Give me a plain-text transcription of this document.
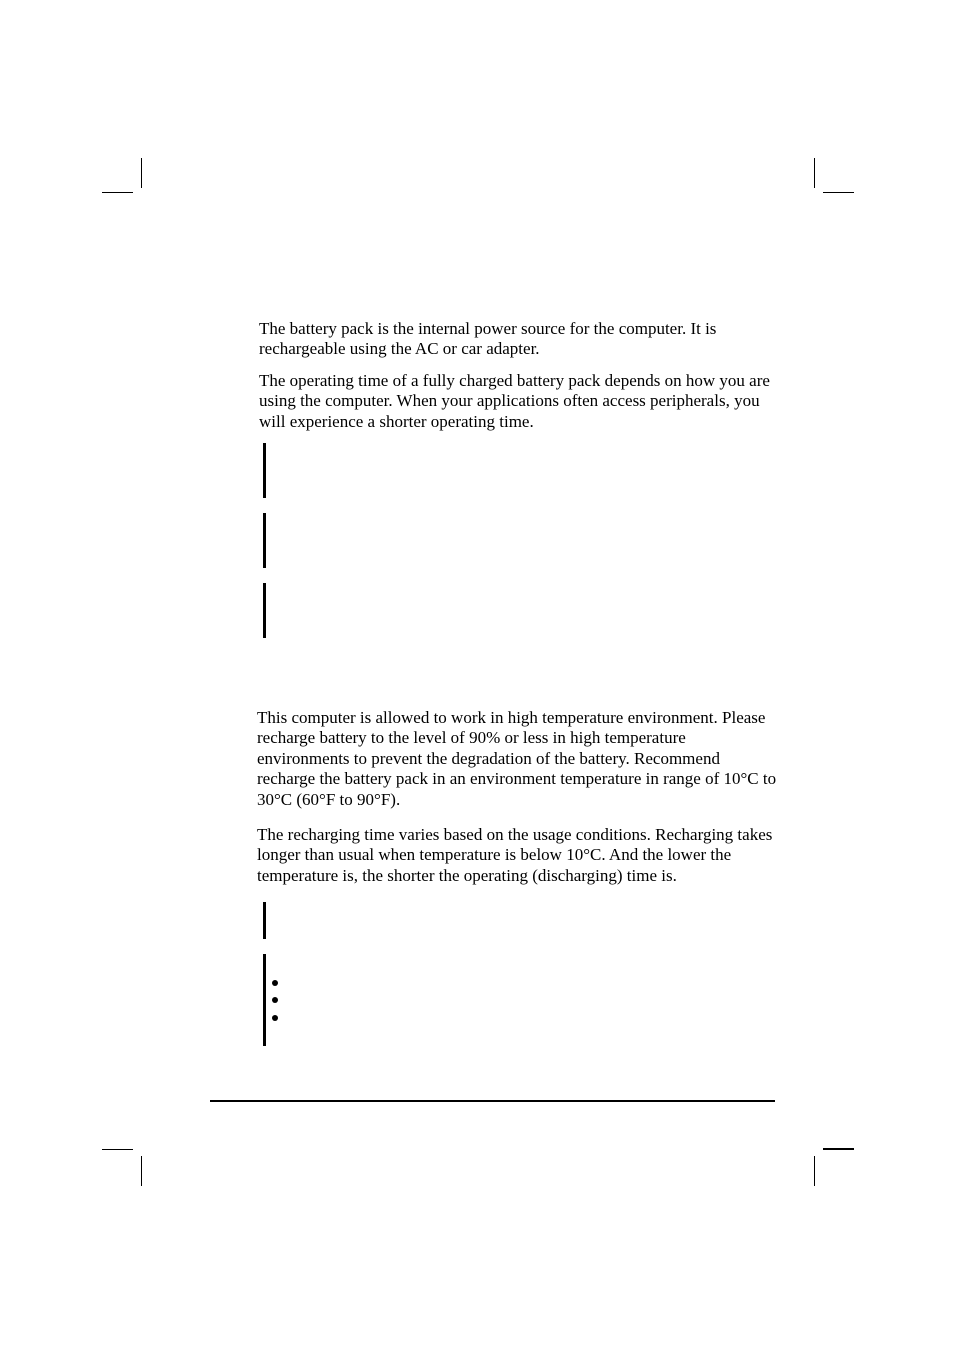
The battery pack is the internal power source for the computer. It is rechargeable using the AC or car adapter.

The operating time of a fully charged battery pack depends on how you are using the computer. When your applications often access peripherals, you will experience a shorter operating time.

This computer is allowed to work in high temperature environment. Please recharge battery to the level of 90% or less in high temperature environments to prevent the degradation of the battery. Recommend recharge the battery pack in an environment temperature in range of 10°C to 30°C (60°F to 90°F).

The recharging time varies based on the usage conditions. Recharging takes longer than usual when temperature is below 10°C. And the lower the temperature is, the shorter the operating (discharging) time is.
